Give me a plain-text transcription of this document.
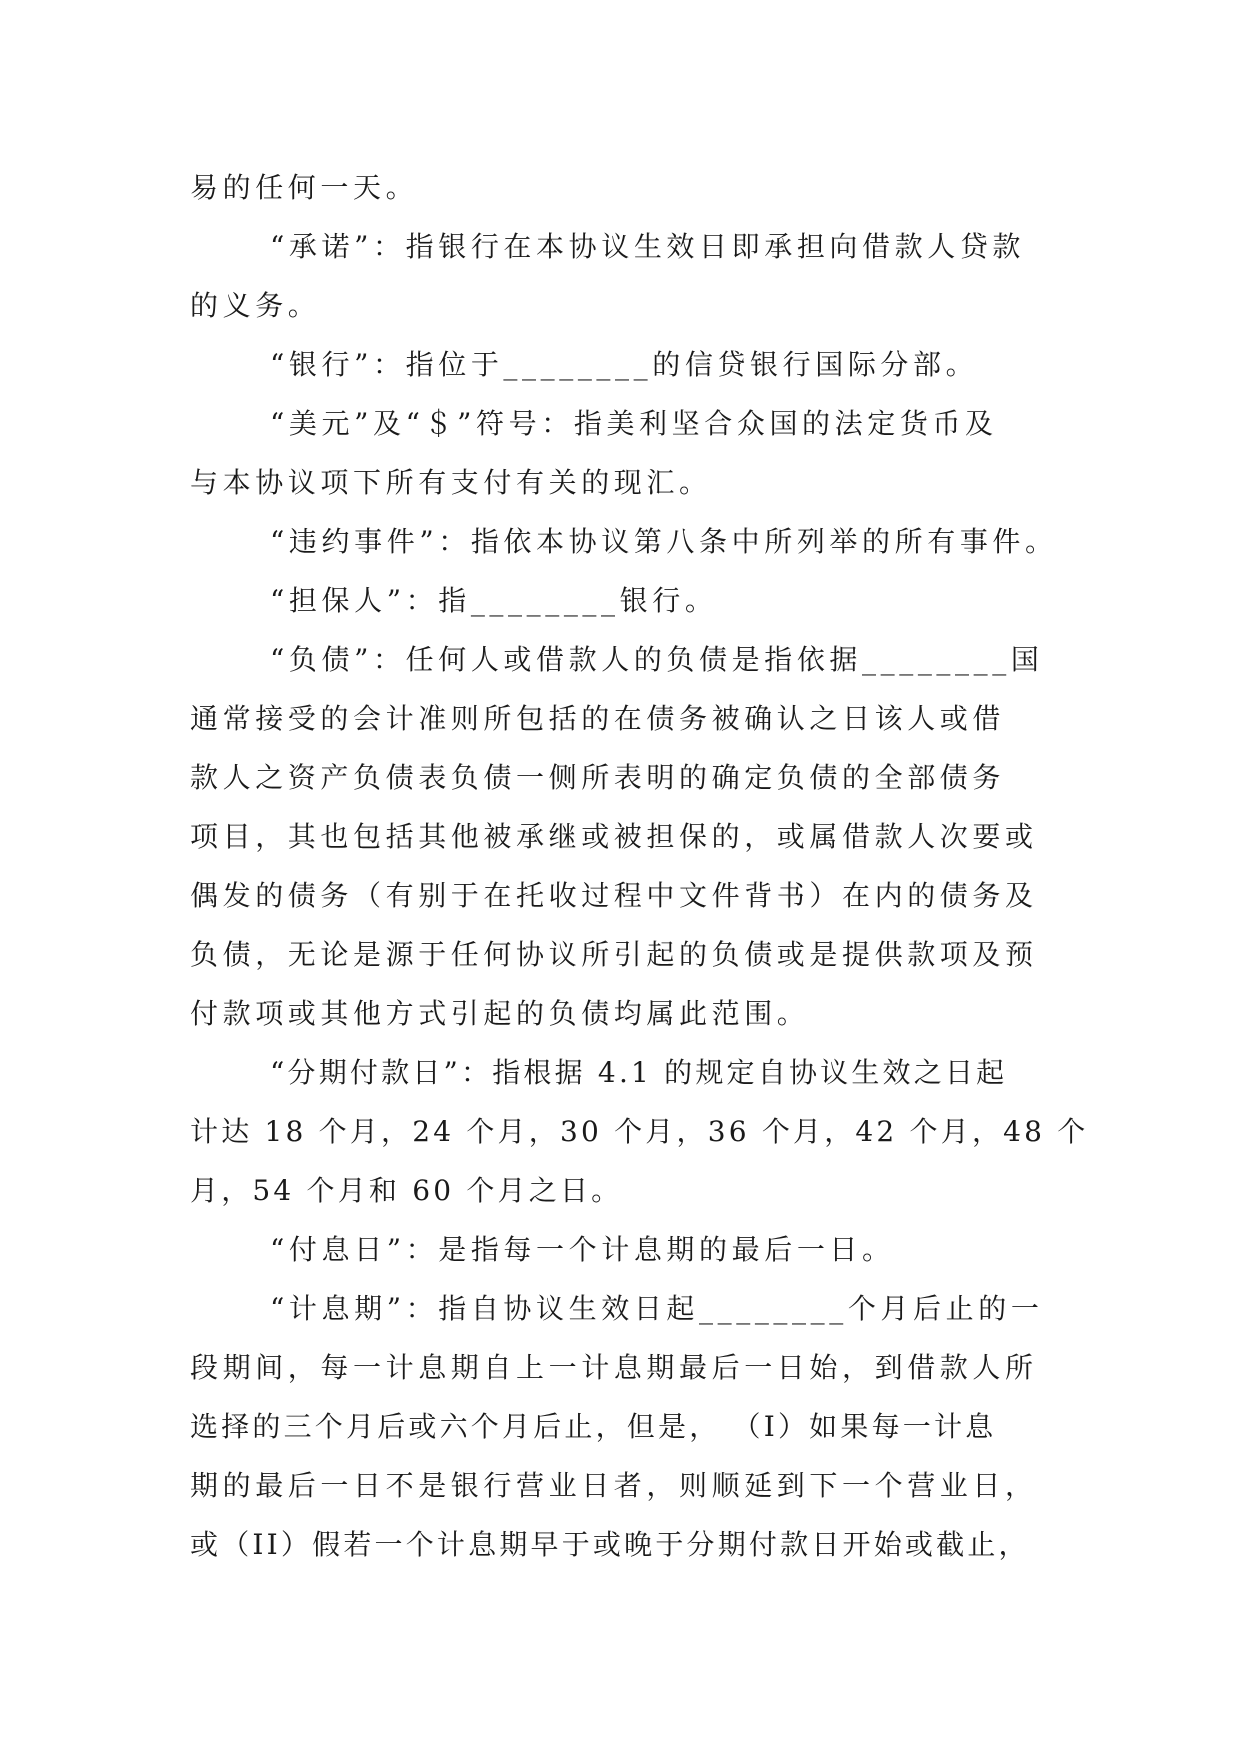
易的任何一天。
“承诺”：指银行在本协议生效日即承担向借款人贷款
的义务。
“银行”：指位于________的信贷银行国际分部。
“美元”及“＄”符号：指美利坚合众国的法定货币及
与本协议项下所有支付有关的现汇。
“违约事件”：指依本协议第八条中所列举的所有事件。
“担保人”：指________银行。
“负债”：任何人或借款人的负债是指依据________国
通常接受的会计准则所包括的在债务被确认之日该人或借
款人之资产负债表负债一侧所表明的确定负债的全部债务
项目，其也包括其他被承继或被担保的，或属借款人次要或
偶发的债务（有别于在托收过程中文件背书）在内的债务及
负债，无论是源于任何协议所引起的负债或是提供款项及预
付款项或其他方式引起的负债均属此范围。
“分期付款日”：指根据 4.1 的规定自协议生效之日起
计达 18 个月，24 个月，30 个月，36 个月，42 个月，48 个
月，54 个月和 60 个月之日。
“付息日”：是指每一个计息期的最后一日。
“计息期”：指自协议生效日起________个月后止的一
段期间，每一计息期自上一计息期最后一日始，到借款人所
选择的三个月后或六个月后止，但是， （I）如果每一计息
期的最后一日不是银行营业日者，则顺延到下一个营业日，
或（II）假若一个计息期早于或晚于分期付款日开始或截止，
